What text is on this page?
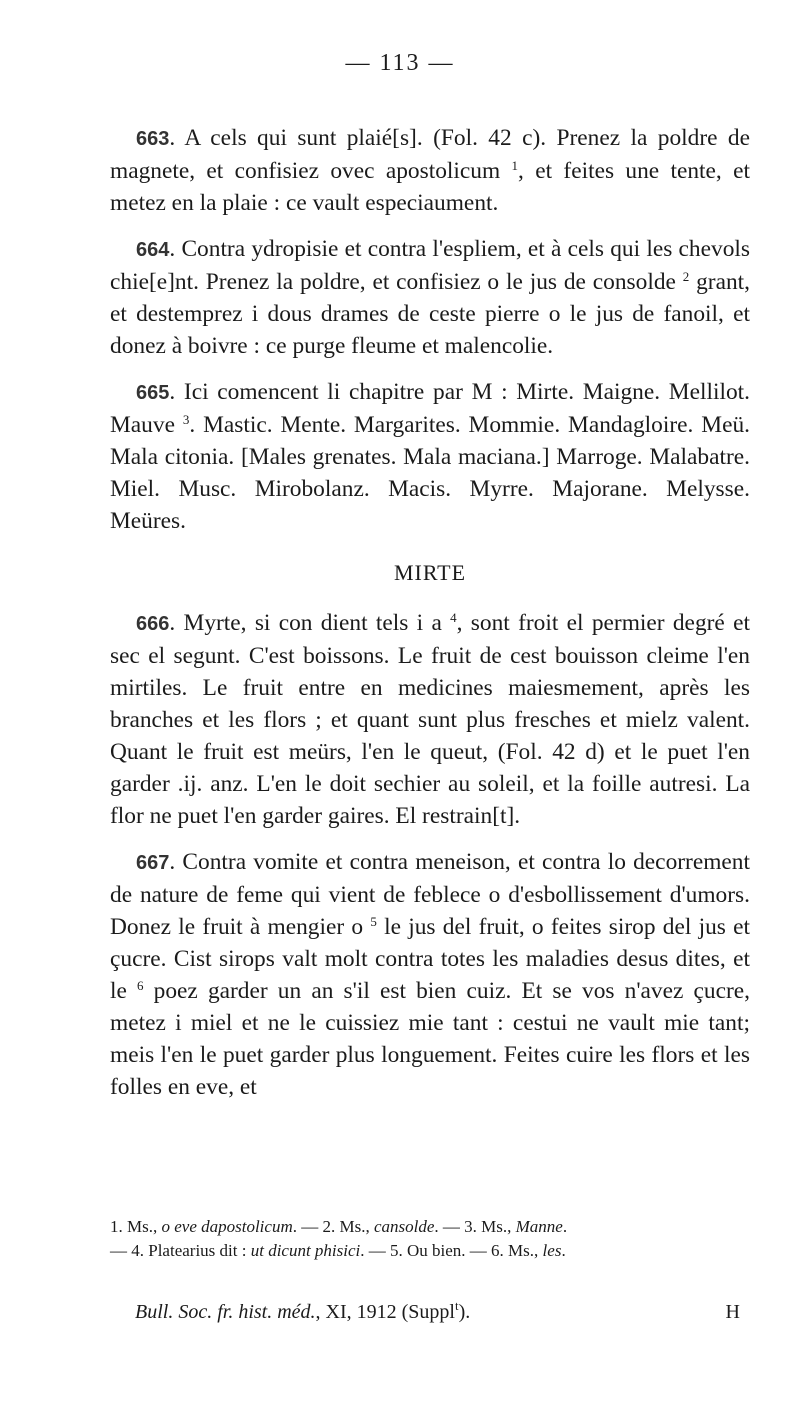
— 113 —

663. A cels qui sunt plaié[s]. (Fol. 42 c). Prenez la poldre de magnete, et confisiez ovec apostolicum $^1$, et feites une tente, et metez en la plaie : ce vault especiaument.

664. Contra ydropisie et contra l'espliem, et à cels qui les chevols chie[e]nt. Prenez la poldre, et confisiez o le jus de consolde $^2$ grant, et destemprez i dous drames de ceste pierre o le jus de fanoil, et donez à boivre : ce purge fleume et malencolie.

665. Ici comencent li chapitre par M : Mirte. Maigne. Mellilot. Mauve $^3$. Mastic. Mente. Margarites. Mommie. Mandagloire. Meü. Mala citonia. [Males grenates. Mala maciana.] Marroge. Malabatre. Miel. Musc. Mirobolanz. Macis. Myrre. Majorane. Melysse. Meüres.

MIRTE

666. Myrte, si con dient tels i a $^4$, sont froit el permier degré et sec el segunt. C'est boissons. Le fruit de cest bouisson cleime l'en mirtiles. Le fruit entre en medicines maiesmement, après les branches et les flors ; et quant sunt plus fresches et mielz valent. Quant le fruit est meürs, l'en le queut, (Fol. 42 d) et le puet l'en garder .ij. anz. L'en le doit sechier au soleil, et la foille autresi. La flor ne puet l'en garder gaires. El restrain[t].

667. Contra vomite et contra meneison, et contra lo decorrement de nature de feme qui vient de feblece o d'esbollissement d'umors. Donez le fruit à mengier o $^5$ le jus del fruit, o feites sirop del jus et çucre. Cist sirops valt molt contra totes les maladies desus dites, et le $^6$ poez garder un an s'il est bien cuiz. Et se vos n'avez çucre, metez i miel et ne le cuissiez mie tant : cestui ne vault mie tant; meis l'en le puet garder plus longuement. Feites cuire les flors et les folles en eve, et

1. Ms., o eve dapostolicum. — 2. Ms., cansolde. — 3. Ms., Manne.

— 4. Platearius dit : ut dicunt phisici. — 5. Ou bien. — 6. Ms., les.

Bull. Soc. fr. hist. méd., XI, 1912 (Suppl$^t$).	H
